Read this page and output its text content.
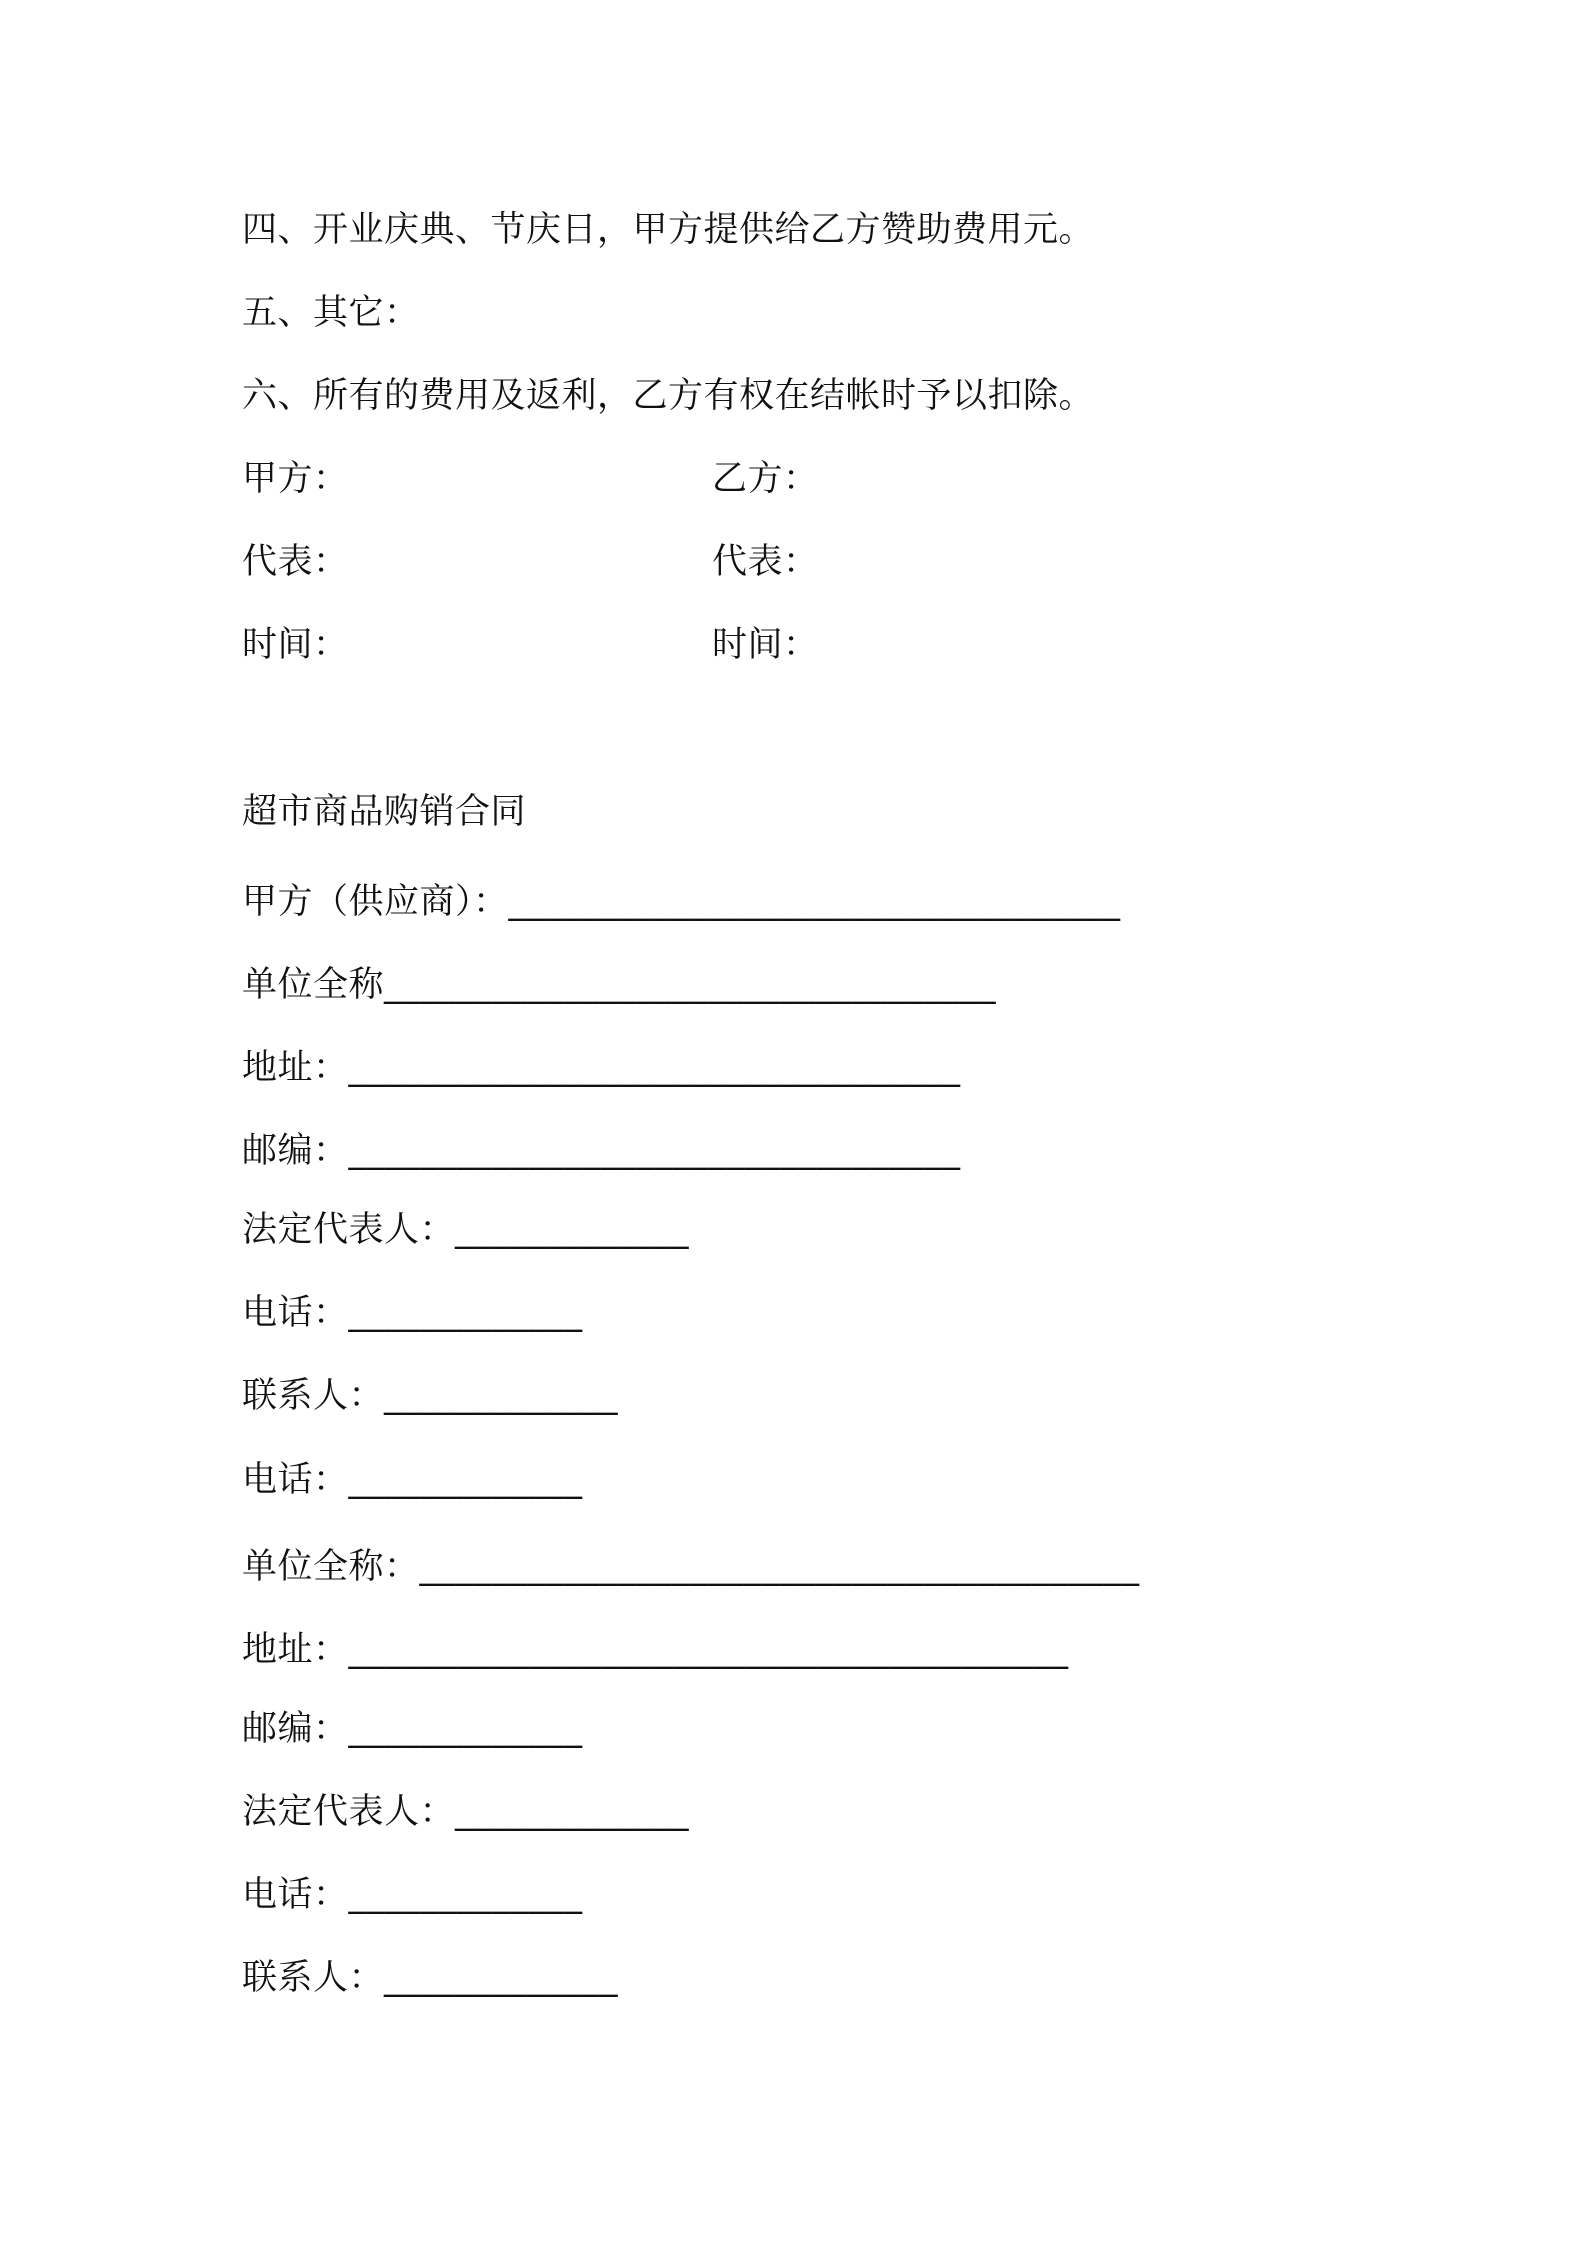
四、开业庆典、节庆日，甲方提供给乙方赞助费用元。
五、其它：
六、所有的费用及返利，乙方有权在结帐时予以扣除。
甲方：	乙方：
代表：	代表：
时间：	时间：
超市商品购销合同
甲方（供应商）：__________________________________
单位全称__________________________________
地址：__________________________________
邮编：__________________________________
法定代表人：_____________
电话：_____________
联系人：_____________
电话：_____________
单位全称：________________________________________
地址：________________________________________
邮编：_____________
法定代表人：_____________
电话：_____________
联系人：_____________
